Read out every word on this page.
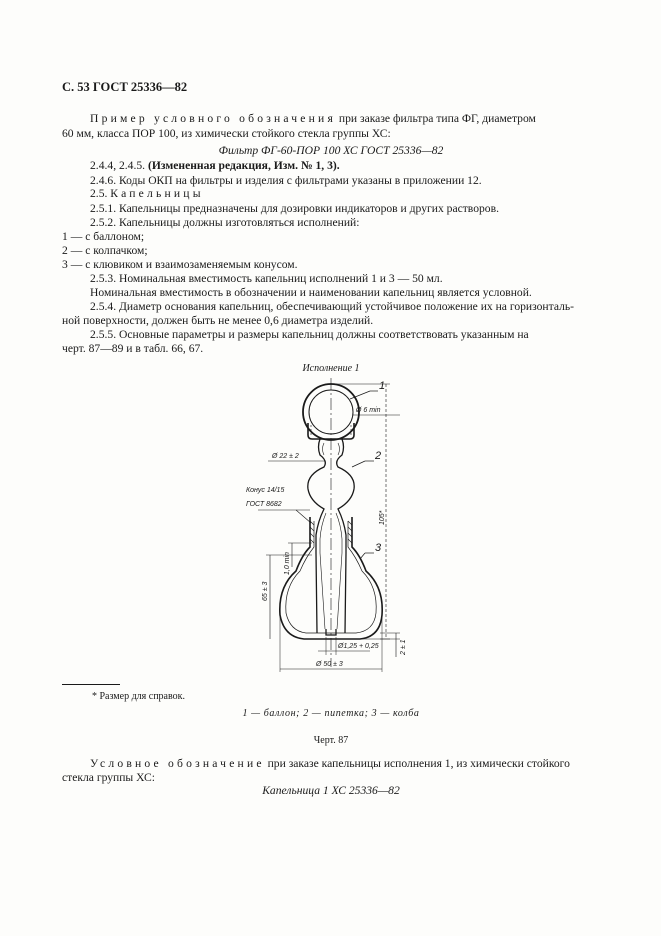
С. 53 ГОСТ 25336—82
Пример условного обозначения при заказе фильтра типа ФГ, диаметром
60 мм, класса ПОР 100, из химически стойкого стекла группы ХС:
Фильтр ФГ-60-ПОР 100 ХС ГОСТ 25336—82
2.4.4, 2.4.5. (Измененная редакция, Изм. № 1, 3).
2.4.6. Коды ОКП на фильтры и изделия с фильтрами указаны в приложении 12.
2.5. Капельницы
2.5.1. Капельницы предназначены для дозировки индикаторов и других растворов.
2.5.2. Капельницы должны изготовляться исполнений:
1 — с баллоном;
2 — с колпачком;
3 — с клювиком и взаимозаменяемым конусом.
2.5.3. Номинальная вместимость капельниц исполнений 1 и 3 — 50 мл.
Номинальная вместимость в обозначении и наименовании капельниц является условной.
2.5.4. Диаметр основания капельниц, обеспечивающий устойчивое положение их на горизонталь-
ной поверхности, должен быть не менее 0,6 диаметра изделий.
2.5.5. Основные параметры и размеры капельниц должны соответствовать указанным на
черт. 87—89 и в табл. 66, 67.
Исполнение 1
1
2
3
Ø 6 min
Ø 22 ± 2
Конус 14/15
ГОСТ 8682
105*
1,0 min
65 ± 3
Ø1,25 + 0,25
Ø 50 ± 3
2 ± 1
* Размер для справок.
1 — баллон; 2 — пипетка; 3 — колба
Черт. 87
Условное обозначение при заказе капельницы исполнения 1, из химически стойкого
стекла группы ХС:
Капельница 1 ХС 25336—82
